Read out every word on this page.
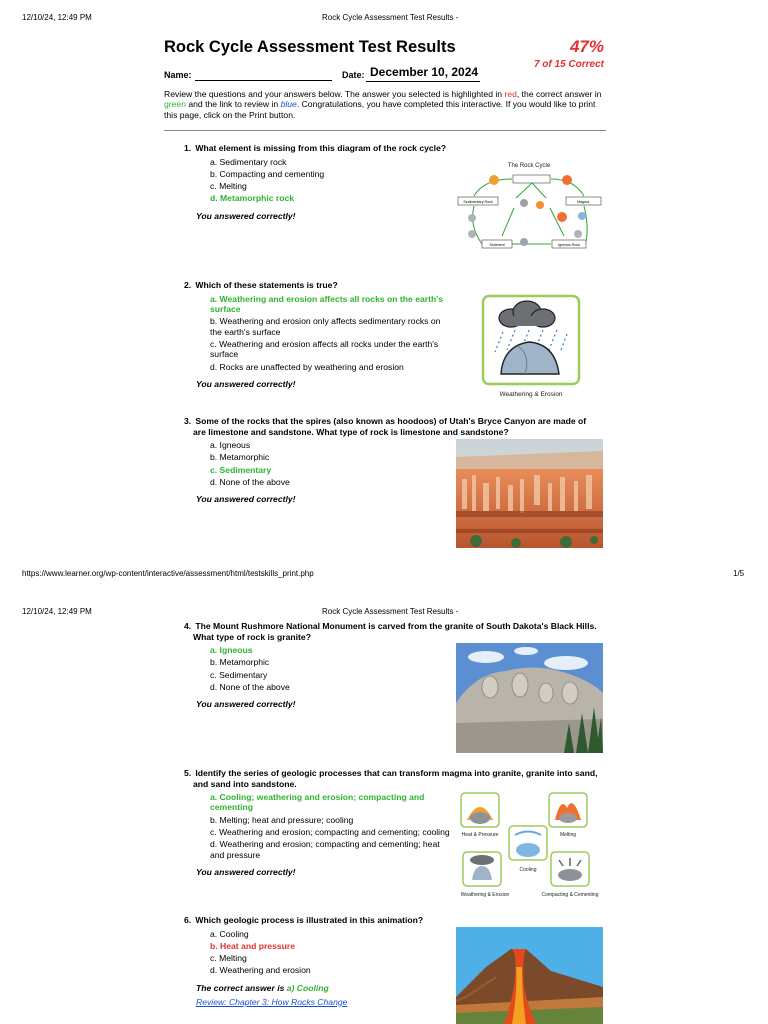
12/10/24, 12:49 PM	Rock Cycle Assessment Test Results -
Rock Cycle Assessment Test Results	47%
7 of 15 Correct
Name:	Date: December 10, 2024
Review the questions and your answers below. The answer you selected is highlighted in red, the correct answer in green and the link to review in blue. Congratulations, you have completed this interactive. If you would like to print this page, click on the Print button.
1. What element is missing from this diagram of the rock cycle?
a. Sedimentary rock
b. Compacting and cementing
c. Melting
d. Metamorphic rock
You answered correctly!
The Rock Cycle
Sedimentary Rock	Magma
Sediment	Igneous Rock
2. Which of these statements is true?
a. Weathering and erosion affects all rocks on the earth's surface
b. Weathering and erosion only affects sedimentary rocks on the earth's surface
c. Weathering and erosion affects all rocks under the earth's surface
d. Rocks are unaffected by weathering and erosion
You answered correctly!
Weathering & Erosion
3. Some of the rocks that the spires (also known as hoodoos) of Utah's Bryce Canyon are made of
are limestone and sandstone. What type of rock is limestone and sandstone?
a. Igneous
b. Metamorphic
c. Sedimentary
d. None of the above
You answered correctly!
https://www.learner.org/wp-content/interactive/assessment/html/testskills_print.php	1/5
12/10/24, 12:49 PM	Rock Cycle Assessment Test Results -
4. The Mount Rushmore National Monument is carved from the granite of South Dakota's Black Hills.
What type of rock is granite?
a. Igneous
b. Metamorphic
c. Sedimentary
d. None of the above
You answered correctly!
5. Identify the series of geologic processes that can transform magma into granite, granite into sand,
and sand into sandstone.
a. Cooling; weathering and erosion; compacting and cementing
b. Melting; heat and pressure; cooling
c. Weathering and erosion; compacting and cementing; cooling
d. Weathering and erosion; compacting and cementing; heat and pressure
You answered correctly!
Heat & Pressure	Melting
Cooling
Weathering & Erosion	Compacting & Cementing
6. Which geologic process is illustrated in this animation?
a. Cooling
b. Heat and pressure
c. Melting
d. Weathering and erosion
The correct answer is a) Cooling
Review: Chapter 3: How Rocks Change
